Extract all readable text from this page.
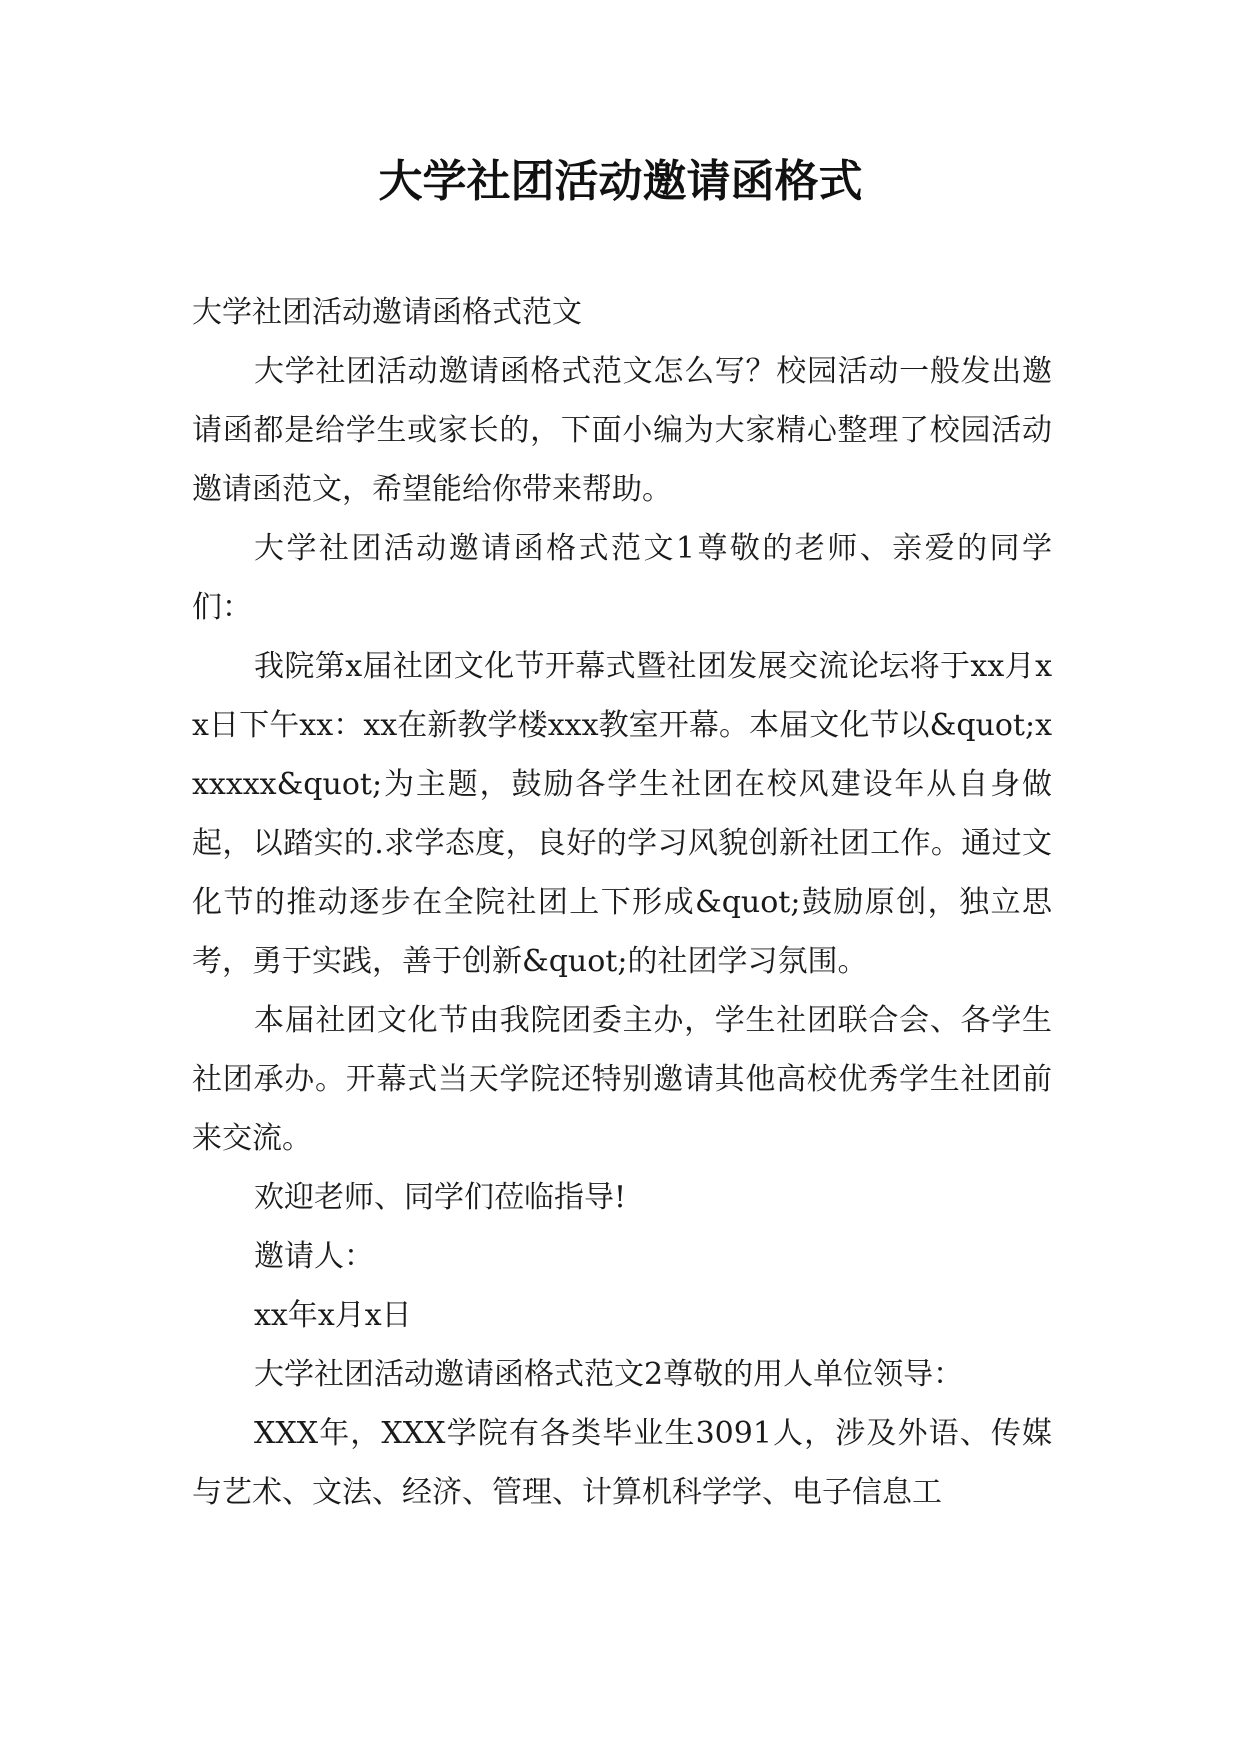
大学社团活动邀请函格式

大学社团活动邀请函格式范文

大学社团活动邀请函格式范文怎么写？校园活动一般发出邀请函都是给学生或家长的，下面小编为大家精心整理了校园活动邀请函范文，希望能给你带来帮助。

大学社团活动邀请函格式范文1尊敬的老师、亲爱的同学们：

我院第x届社团文化节开幕式暨社团发展交流论坛将于xx月xx日下午xx：xx在新教学楼xxx教室开幕。本届文化节以&quot;xxxxxx&quot;为主题，鼓励各学生社团在校风建设年从自身做起，以踏实的.求学态度，良好的学习风貌创新社团工作。通过文化节的推动逐步在全院社团上下形成&quot;鼓励原创，独立思考，勇于实践，善于创新&quot;的社团学习氛围。

本届社团文化节由我院团委主办，学生社团联合会、各学生社团承办。开幕式当天学院还特别邀请其他高校优秀学生社团前来交流。

欢迎老师、同学们莅临指导!

邀请人：

xx年x月x日

大学社团活动邀请函格式范文2尊敬的用人单位领导：

XXX年，XXX学院有各类毕业生3091人，涉及外语、传媒与艺术、文法、经济、管理、计算机科学学、电子信息工
